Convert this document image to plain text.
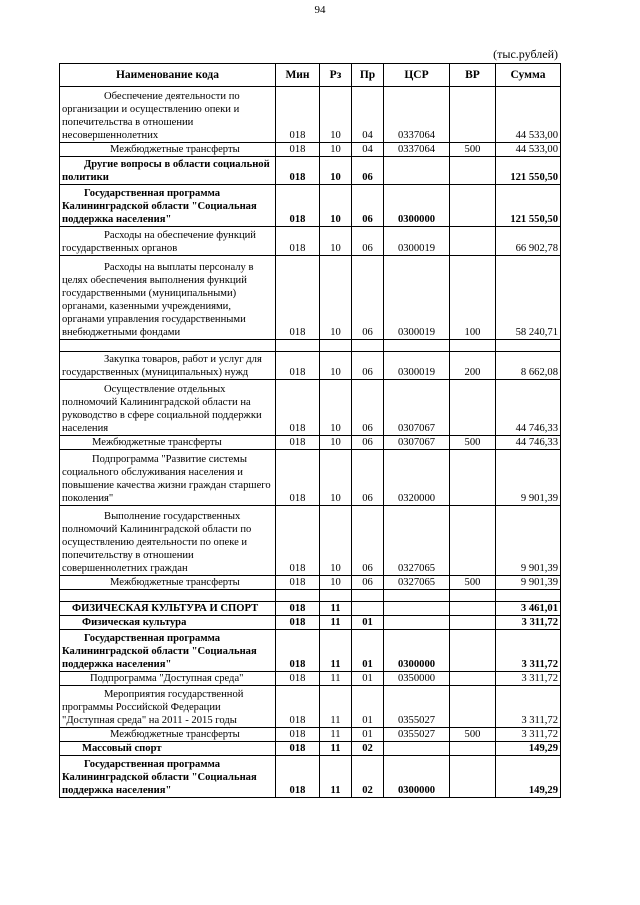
94
(тыс.рублей)
Наименование кода	Мин	Рз	Пр	ЦСР	ВР	Сумма
Обеспечение деятельности по организации и осуществлению опеки и попечительства в отношении несовершеннолетних	018	10	04	0337064		44 533,00
Межбюджетные трансферты	018	10	04	0337064	500	44 533,00
Другие вопросы в области социальной политики	018	10	06			121 550,50
Государственная программа Калининградской области "Социальная поддержка населения"	018	10	06	0300000		121 550,50
Расходы на обеспечение функций государственных органов	018	10	06	0300019		66 902,78
Расходы на выплаты персоналу в целях обеспечения выполнения функций государственными (муниципальными) органами, казенными учреждениями, органами управления государственными внебюджетными фондами	018	10	06	0300019	100	58 240,71

Закупка товаров, работ и услуг для государственных (муниципальных) нужд	018	10	06	0300019	200	8 662,08
Осуществление отдельных полномочий Калининградской области на руководство в сфере социальной поддержки населения	018	10	06	0307067		44 746,33
Межбюджетные трансферты	018	10	06	0307067	500	44 746,33
Подпрограмма "Развитие системы социального обслуживания населения и повышение качества жизни граждан старшего поколения"	018	10	06	0320000		9 901,39
Выполнение государственных полномочий Калининградской области по осуществлению деятельности по опеке и попечительству в отношении совершеннолетних граждан	018	10	06	0327065		9 901,39
Межбюджетные трансферты	018	10	06	0327065	500	9 901,39

ФИЗИЧЕСКАЯ КУЛЬТУРА И СПОРТ	018	11				3 461,01
Физическая культура	018	11	01			3 311,72
Государственная программа Калининградской области "Социальная поддержка населения"	018	11	01	0300000		3 311,72
Подпрограмма "Доступная среда"	018	11	01	0350000		3 311,72
Мероприятия государственной программы Российской Федерации "Доступная среда" на 2011 - 2015 годы	018	11	01	0355027		3 311,72
Межбюджетные трансферты	018	11	01	0355027	500	3 311,72
Массовый спорт	018	11	02			149,29
Государственная программа Калининградской области "Социальная поддержка населения"	018	11	02	0300000		149,29
